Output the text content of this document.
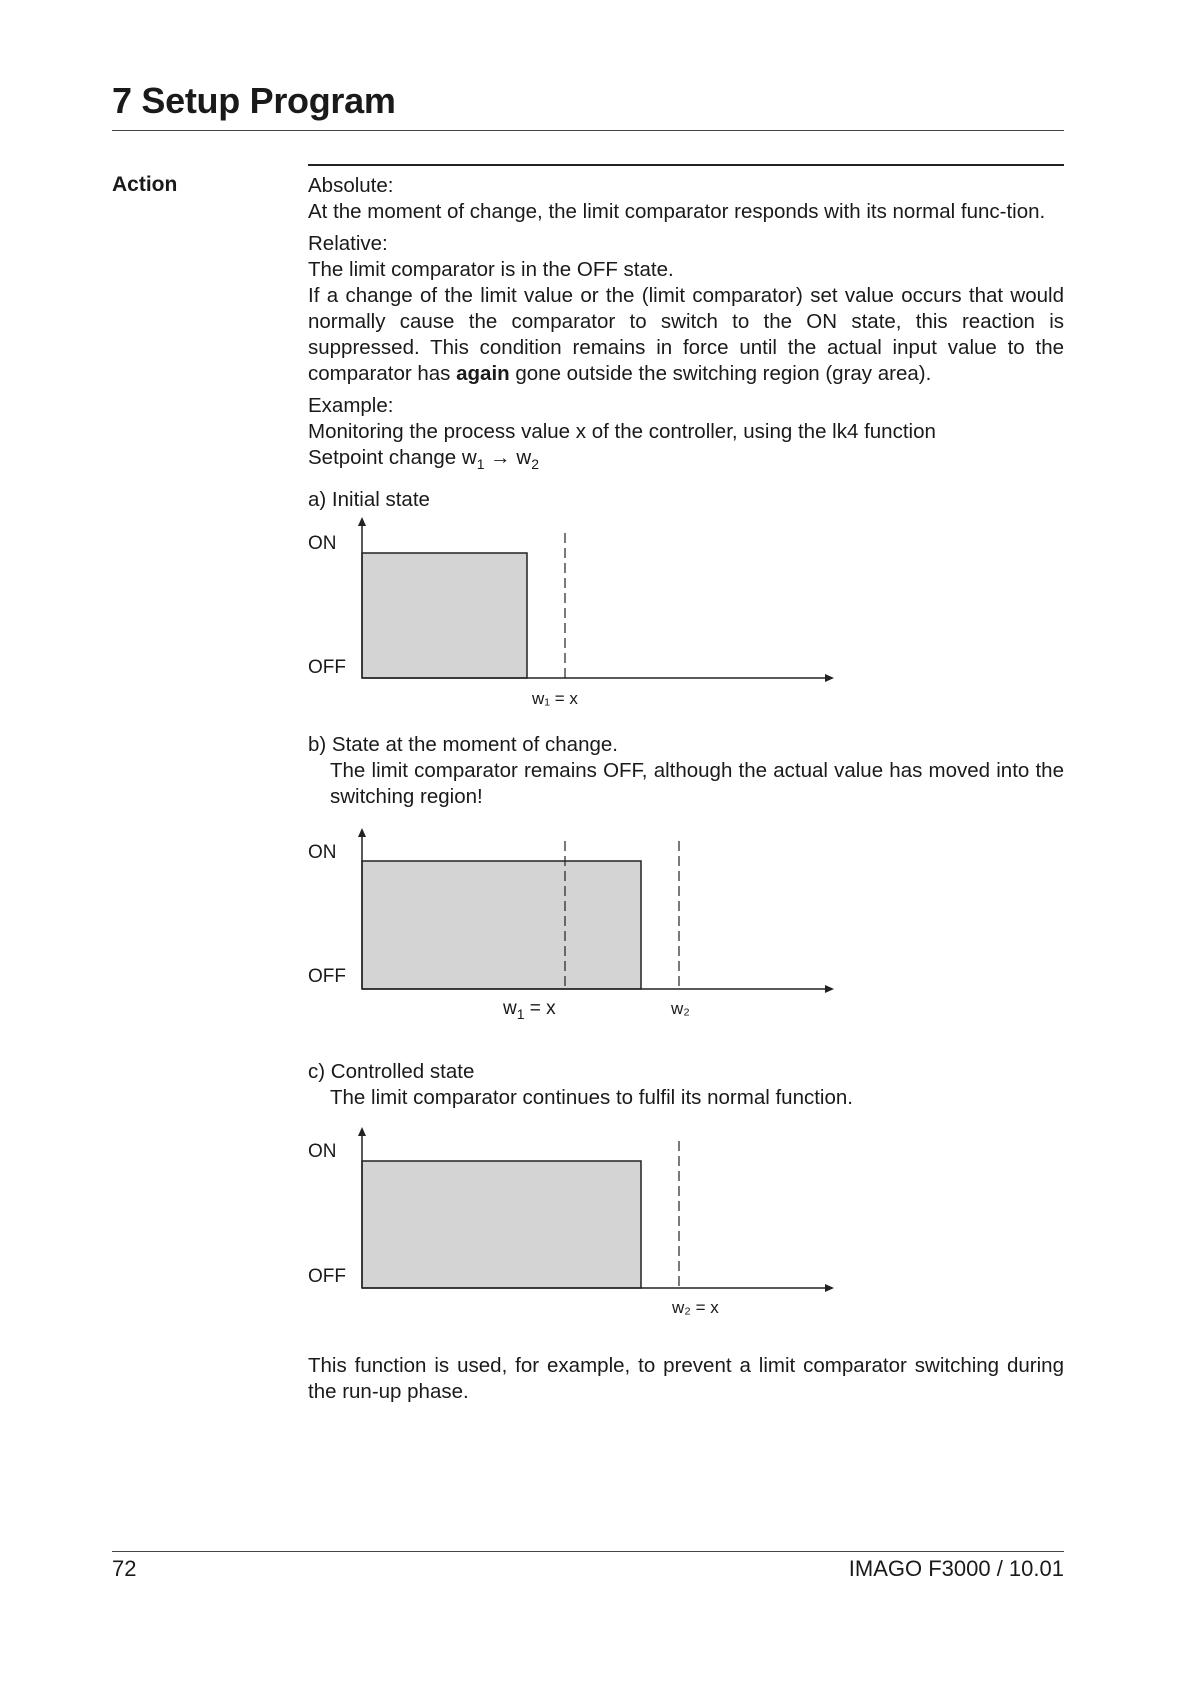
7 Setup Program
Action	Absolute:

At the moment of change, the limit comparator responds with its normal func-tion.

Relative:

The limit comparator is in the OFF state.

If a change of the limit value or the (limit comparator) set value occurs that would normally cause the comparator to switch to the ON state, this reaction is suppressed. This condition remains in force until the actual input value to the comparator has again gone outside the switching region (gray area).

Example:

Monitoring the process value x of the controller, using the lk4 function

Setpoint change $w_1 \to w_2$

a) Initial state

ON
OFF
w₁ = x

b) State at the moment of change.

The limit comparator remains OFF, although the actual value has moved into the switching region!

ON
OFF
$w_1 = x$	w₂

c) Controlled state

The limit comparator continues to fulfil its normal function.

ON
OFF
w₂ = x

This function is used, for example, to prevent a limit comparator switching during the run-up phase.

72	IMAGO F3000 / 10.01
